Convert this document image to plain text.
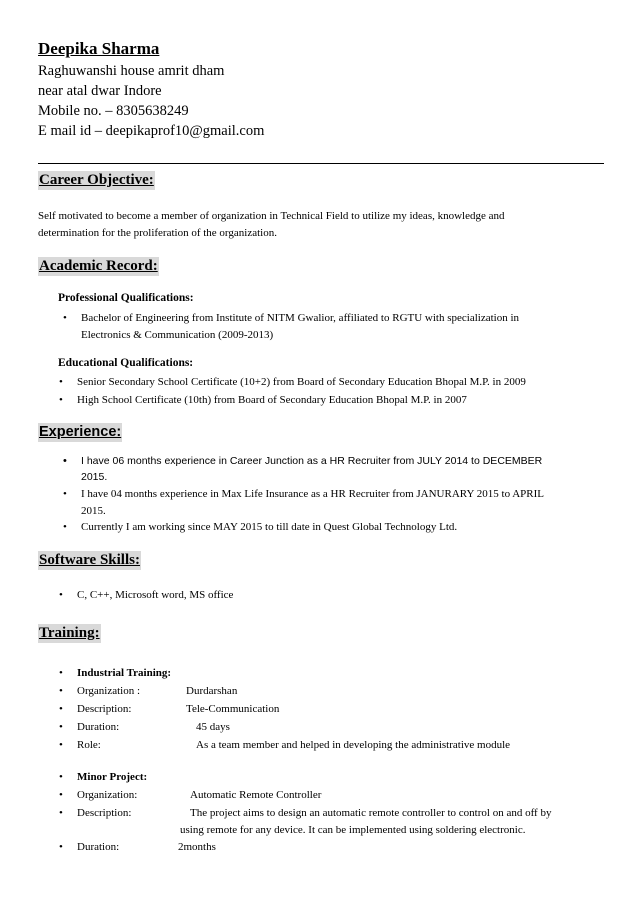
Deepika Sharma
Raghuwanshi house amrit dham
near atal dwar Indore
Mobile no. – 8305638249
E mail id – deepikaprof10@gmail.com
Career Objective:
Self motivated to become a member of organization in Technical Field to utilize my ideas, knowledge and
determination for the proliferation of the organization.
Academic Record:
Professional Qualifications:
• Bachelor of Engineering from Institute of NITM Gwalior, affiliated to RGTU with specialization in
Electronics & Communication (2009-2013)
Educational Qualifications:
• Senior Secondary School Certificate (10+2) from Board of Secondary Education Bhopal M.P. in 2009
• High School Certificate (10th) from Board of Secondary Education Bhopal M.P. in 2007
Experience:
• I have 06 months experience in Career Junction as a HR Recruiter from JULY 2014 to DECEMBER
2015.
• I have 04 months experience in Max Life Insurance as a HR Recruiter from JANURARY 2015 to APRIL
2015.
• Currently I am working since MAY 2015 to till date in Quest Global Technology Ltd.
Software Skills:
• C, C++, Microsoft word, MS office
Training:
• Industrial Training:
• Organization :	Durdarshan
• Description:	Tele-Communication
• Duration:	45 days
• Role:	As a team member and helped in developing the administrative module
• Minor Project:
• Organization:	Automatic Remote Controller
• Description:	The project aims to design an automatic remote controller to control on and off by
using remote for any device. It can be implemented using soldering electronic.
• Duration:	2months
